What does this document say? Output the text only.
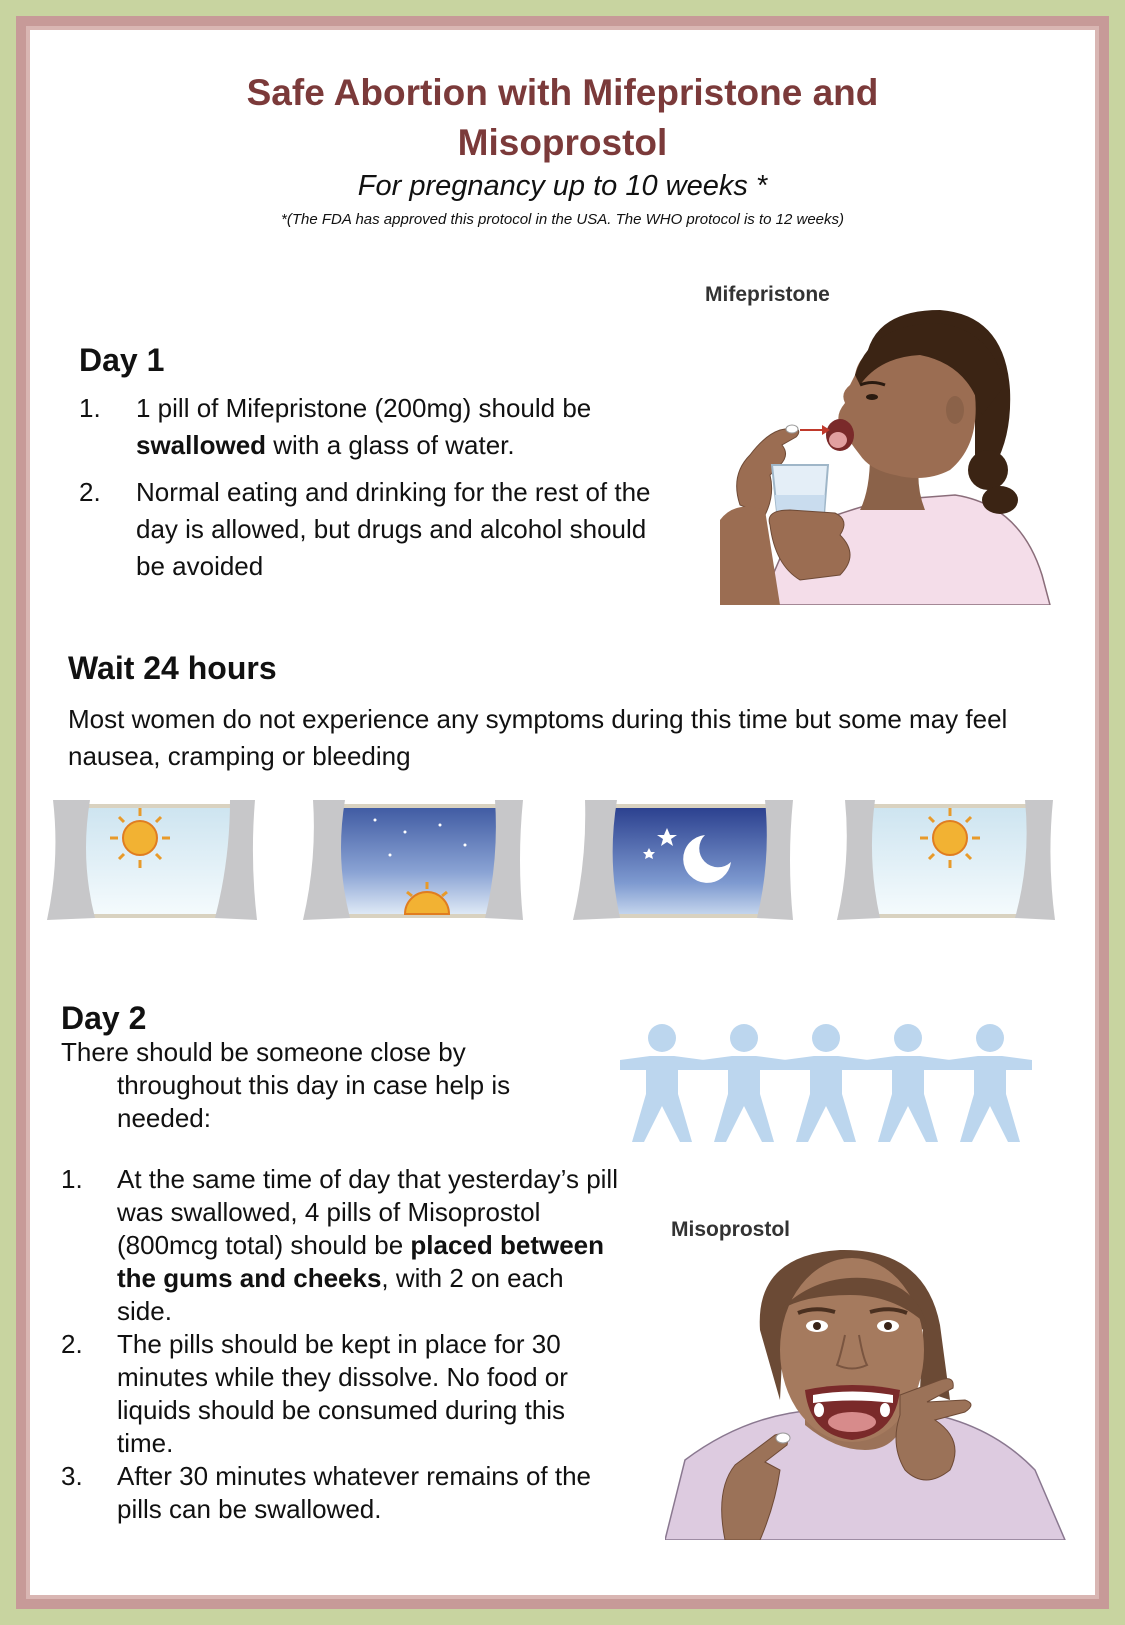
Safe Abortion with Mifepristone and
Misoprostol
For pregnancy up to 10 weeks *
*(The FDA has approved this protocol in the USA. The WHO protocol is to 12 weeks)
Day 1
1. 1 pill of Mifepristone (200mg) should be swallowed with a glass of water.
2. Normal eating and drinking for the rest of the day is allowed, but drugs and alcohol should be avoided
Mifepristone
Wait 24 hours
Most women do not experience any symptoms during this time but some may feel nausea, cramping or bleeding
Day 2
There should be someone close by
throughout this day in case help is
needed:
1. At the same time of day that yesterday’s pill was swallowed, 4 pills of Misoprostol (800mcg total) should be placed between the gums and cheeks, with 2 on each side.
2. The pills should be kept in place for 30 minutes while they dissolve. No food or liquids should be consumed during this time.
3. After 30 minutes whatever remains of the pills can be swallowed.
Misoprostol
